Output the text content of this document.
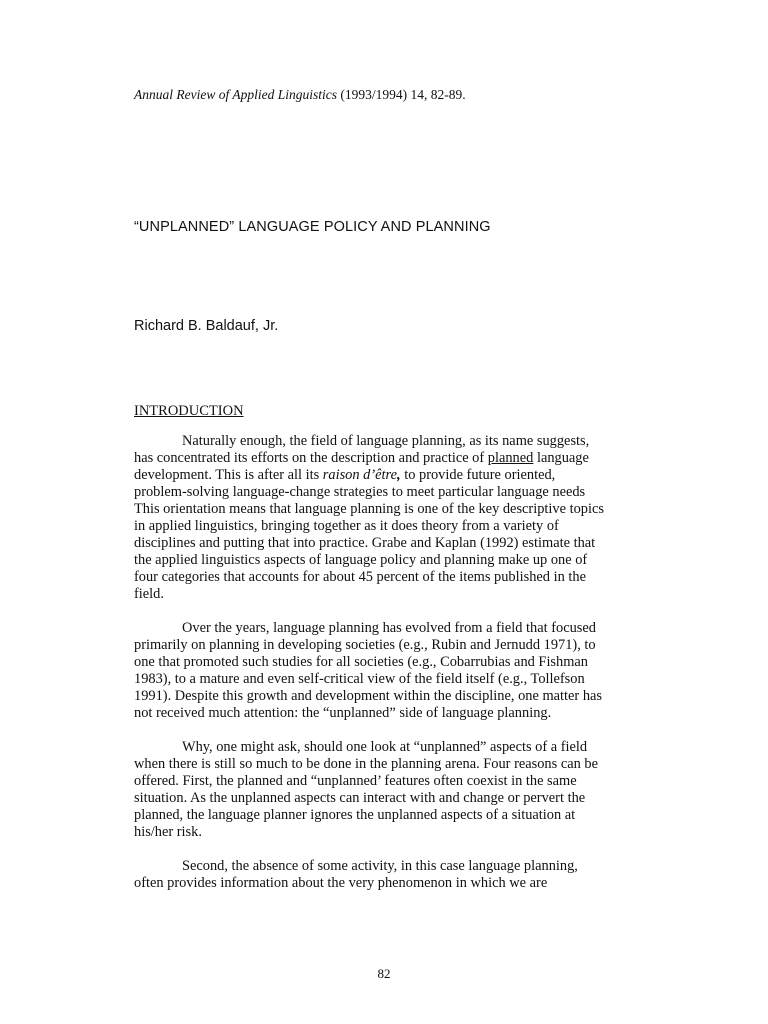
Annual Review of Applied Linguistics (1993/1994) 14, 82-89.
“UNPLANNED” LANGUAGE POLICY AND PLANNING
Richard B. Baldauf, Jr.
INTRODUCTION

Naturally enough, the field of language planning, as its name suggests,
has concentrated its efforts on the description and practice of planned language
development. This is after all its raison d’être, to provide future oriented,
problem-solving language-change strategies to meet particular language needs
This orientation means that language planning is one of the key descriptive topics
in applied linguistics, bringing together as it does theory from a variety of
disciplines and putting that into practice. Grabe and Kaplan (1992) estimate that
the applied linguistics aspects of language policy and planning make up one of
four categories that accounts for about 45 percent of the items published in the
field.

Over the years, language planning has evolved from a field that focused
primarily on planning in developing societies (e.g., Rubin and Jernudd 1971), to
one that promoted such studies for all societies (e.g., Cobarrubias and Fishman
1983), to a mature and even self-critical view of the field itself (e.g., Tollefson
1991). Despite this growth and development within the discipline, one matter has
not received much attention: the “unplanned” side of language planning.

Why, one might ask, should one look at “unplanned” aspects of a field
when there is still so much to be done in the planning arena. Four reasons can be
offered. First, the planned and “unplanned’ features often coexist in the same
situation. As the unplanned aspects can interact with and change or pervert the
planned, the language planner ignores the unplanned aspects of a situation at
his/her risk.

Second, the absence of some activity, in this case language planning,
often provides information about the very phenomenon in which we are

82
